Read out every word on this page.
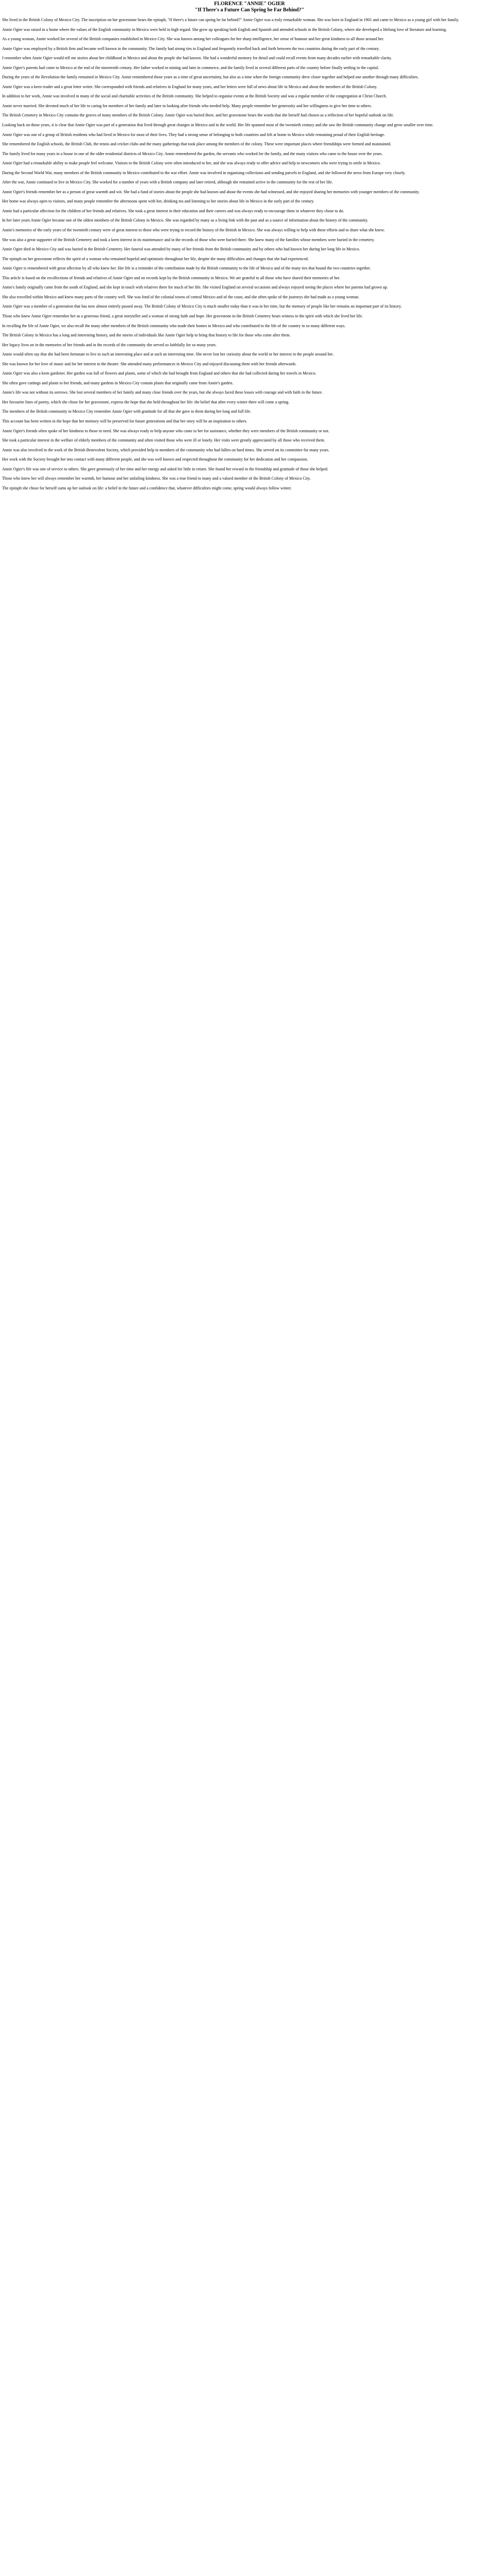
FLORENCE "ANNIE" OGIER
"If There's a Future Can Spring be Far Behind?"

She lived in the British Colony of Mexico City. The inscription on her gravestone bears the epitaph, "If there's a future can spring be far behind?" Annie Ogier was a truly remarkable woman. She was born in England in 1901 and came to Mexico as a young girl with her family.

Annie Ogier was raised in a home where the values of the English community in Mexico were held in high regard. She grew up speaking both English and Spanish and attended schools in the British Colony, where she developed a lifelong love of literature and learning.

As a young woman, Annie worked for several of the British companies established in Mexico City. She was known among her colleagues for her sharp intelligence, her sense of humour and her great kindness to all those around her.

Annie Ogier was employed by a British firm and became well known in the community. The family had strong ties to England and frequently travelled back and forth between the two countries during the early part of the century.

I remember when Annie Ogier would tell me stories about her childhood in Mexico and about the people she had known. She had a wonderful memory for detail and could recall events from many decades earlier with remarkable clarity.

Annie Ogier's parents had come to Mexico at the end of the nineteenth century. Her father worked in mining and later in commerce, and the family lived in several different parts of the country before finally settling in the capital.

During the years of the Revolution the family remained in Mexico City. Annie remembered those years as a time of great uncertainty, but also as a time when the foreign community drew closer together and helped one another through many difficulties.

Annie Ogier was a keen reader and a great letter writer. She corresponded with friends and relatives in England for many years, and her letters were full of news about life in Mexico and about the members of the British Colony.

In addition to her work, Annie was involved in many of the social and charitable activities of the British community. She helped to organise events at the British Society and was a regular member of the congregation at Christ Church.

Annie never married. She devoted much of her life to caring for members of her family and later to looking after friends who needed help. Many people remember her generosity and her willingness to give her time to others.

The British Cemetery in Mexico City contains the graves of many members of the British Colony. Annie Ogier was buried there, and her gravestone bears the words that she herself had chosen as a reflection of her hopeful outlook on life.

Looking back on those years, it is clear that Annie Ogier was part of a generation that lived through great changes in Mexico and in the world. Her life spanned most of the twentieth century and she saw the British community change and grow smaller over time.

Annie Ogier was one of a group of British residents who had lived in Mexico for most of their lives. They had a strong sense of belonging to both countries and felt at home in Mexico while remaining proud of their English heritage.

She remembered the English schools, the British Club, the tennis and cricket clubs and the many gatherings that took place among the members of the colony. These were important places where friendships were formed and maintained.

The family lived for many years in a house in one of the older residential districts of Mexico City. Annie remembered the garden, the servants who worked for the family, and the many visitors who came to the house over the years.

Annie Ogier had a remarkable ability to make people feel welcome. Visitors to the British Colony were often introduced to her, and she was always ready to offer advice and help to newcomers who were trying to settle in Mexico.

During the Second World War, many members of the British community in Mexico contributed to the war effort. Annie was involved in organising collections and sending parcels to England, and she followed the news from Europe very closely.

After the war, Annie continued to live in Mexico City. She worked for a number of years with a British company and later retired, although she remained active in the community for the rest of her life.

Annie Ogier's friends remember her as a person of great warmth and wit. She had a fund of stories about the people she had known and about the events she had witnessed, and she enjoyed sharing her memories with younger members of the community.

Her home was always open to visitors, and many people remember the afternoons spent with her, drinking tea and listening to her stories about life in Mexico in the early part of the century.

Annie had a particular affection for the children of her friends and relatives. She took a great interest in their education and their careers and was always ready to encourage them in whatever they chose to do.

In her later years Annie Ogier became one of the oldest members of the British Colony in Mexico. She was regarded by many as a living link with the past and as a source of information about the history of the community.

Annie's memories of the early years of the twentieth century were of great interest to those who were trying to record the history of the British in Mexico. She was always willing to help with these efforts and to share what she knew.

She was also a great supporter of the British Cemetery and took a keen interest in its maintenance and in the records of those who were buried there. She knew many of the families whose members were buried in the cemetery.

Annie Ogier died in Mexico City and was buried in the British Cemetery. Her funeral was attended by many of her friends from the British community and by others who had known her during her long life in Mexico.

The epitaph on her gravestone reflects the spirit of a woman who remained hopeful and optimistic throughout her life, despite the many difficulties and changes that she had experienced.

Annie Ogier is remembered with great affection by all who knew her. Her life is a reminder of the contribution made by the British community to the life of Mexico and of the many ties that bound the two countries together.

This article is based on the recollections of friends and relatives of Annie Ogier and on records kept by the British community in Mexico. We are grateful to all those who have shared their memories of her.

Annie's family originally came from the south of England, and she kept in touch with relatives there for much of her life. She visited England on several occasions and always enjoyed seeing the places where her parents had grown up.

She also travelled within Mexico and knew many parts of the country well. She was fond of the colonial towns of central Mexico and of the coast, and she often spoke of the journeys she had made as a young woman.

Annie Ogier was a member of a generation that has now almost entirely passed away. The British Colony of Mexico City is much smaller today than it was in her time, but the memory of people like her remains an important part of its history.

Those who knew Annie Ogier remember her as a generous friend, a great storyteller and a woman of strong faith and hope. Her gravestone in the British Cemetery bears witness to the spirit with which she lived her life.

In recalling the life of Annie Ogier, we also recall the many other members of the British community who made their homes in Mexico and who contributed to the life of the country in so many different ways.

The British Colony in Mexico has a long and interesting history, and the stories of individuals like Annie Ogier help to bring that history to life for those who come after them.

Her legacy lives on in the memories of her friends and in the records of the community she served so faithfully for so many years.

Annie would often say that she had been fortunate to live in such an interesting place and at such an interesting time. She never lost her curiosity about the world or her interest in the people around her.

She was known for her love of music and for her interest in the theatre. She attended many performances in Mexico City and enjoyed discussing them with her friends afterwards.

Annie Ogier was also a keen gardener. Her garden was full of flowers and plants, some of which she had brought from England and others that she had collected during her travels in Mexico.

She often gave cuttings and plants to her friends, and many gardens in Mexico City contain plants that originally came from Annie's garden.

Annie's life was not without its sorrows. She lost several members of her family and many close friends over the years, but she always faced these losses with courage and with faith in the future.

Her favourite lines of poetry, which she chose for her gravestone, express the hope that she held throughout her life: the belief that after every winter there will come a spring.

The members of the British community in Mexico City remember Annie Ogier with gratitude for all that she gave to them during her long and full life.

This account has been written in the hope that her memory will be preserved for future generations and that her story will be an inspiration to others.

Annie Ogier's friends often spoke of her kindness to those in need. She was always ready to help anyone who came to her for assistance, whether they were members of the British community or not.

She took a particular interest in the welfare of elderly members of the community and often visited those who were ill or lonely. Her visits were greatly appreciated by all those who received them.

Annie was also involved in the work of the British Benevolent Society, which provided help to members of the community who had fallen on hard times. She served on its committee for many years.

Her work with the Society brought her into contact with many different people, and she was well known and respected throughout the community for her dedication and her compassion.

Annie Ogier's life was one of service to others. She gave generously of her time and her energy and asked for little in return. She found her reward in the friendship and gratitude of those she helped.

Those who knew her will always remember her warmth, her humour and her unfailing kindness. She was a true friend to many and a valued member of the British Colony of Mexico City.

The epitaph she chose for herself sums up her outlook on life: a belief in the future and a confidence that, whatever difficulties might come, spring would always follow winter.
